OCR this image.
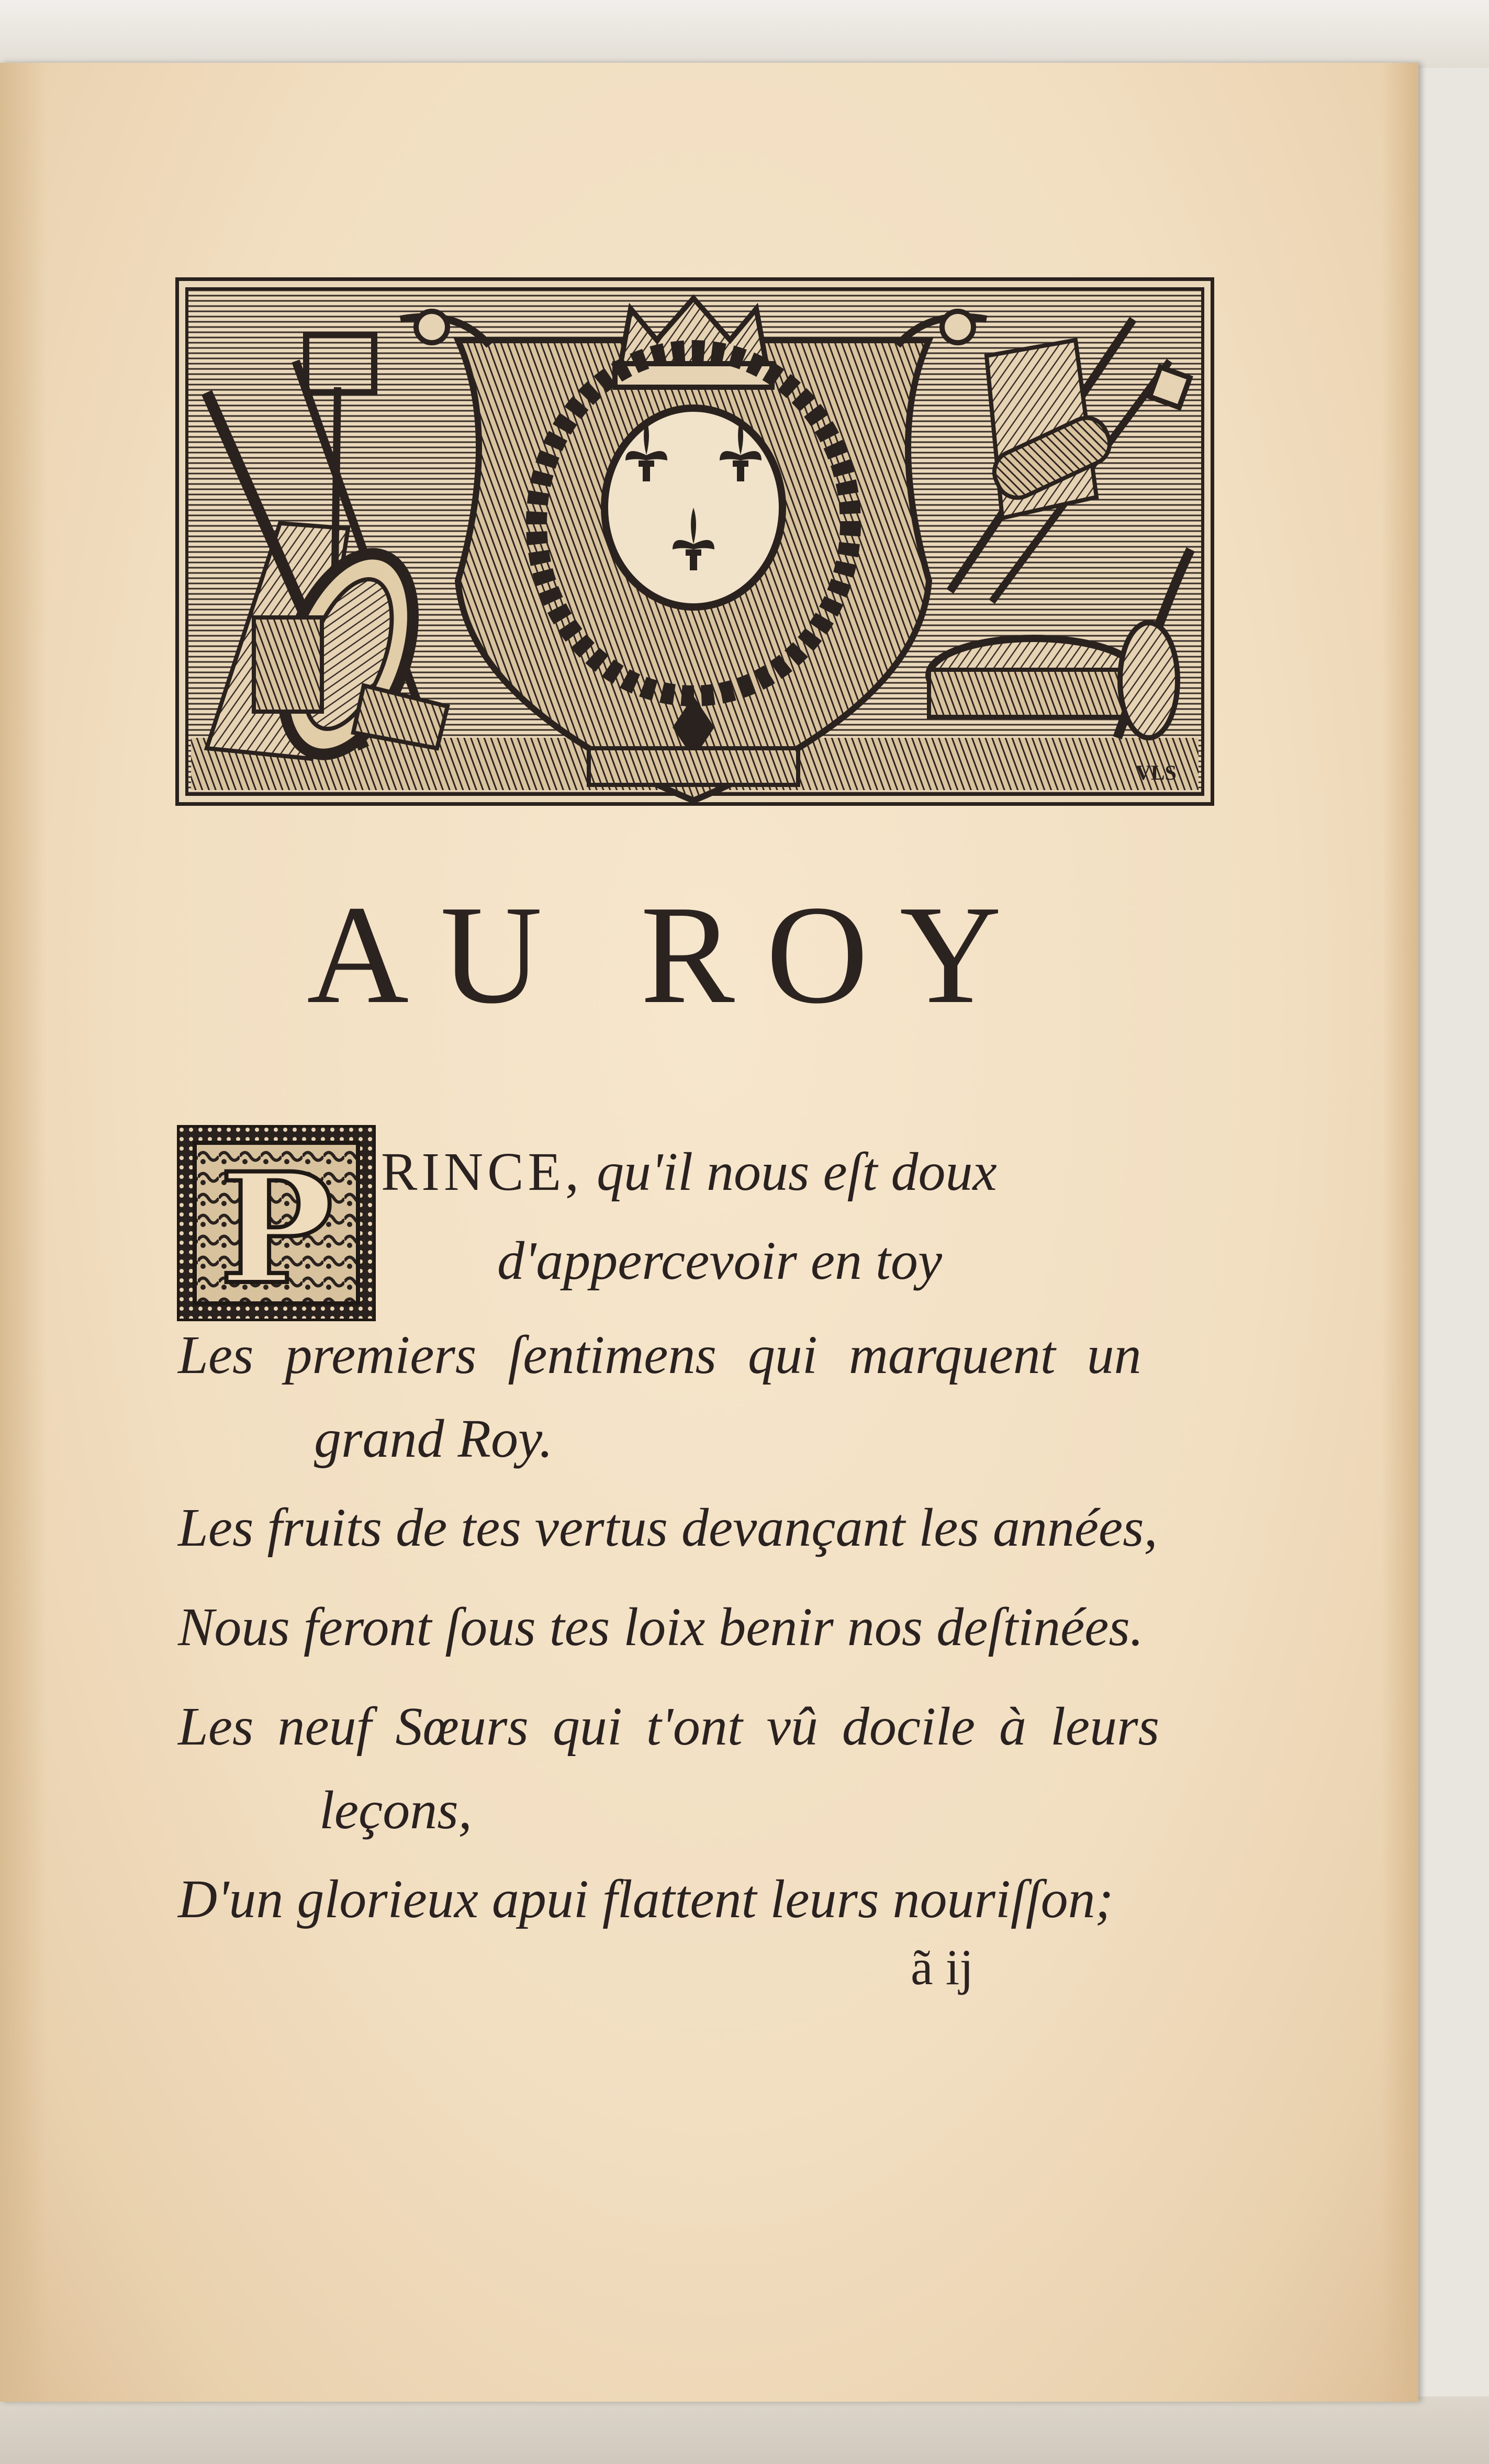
VLS
AU ROY
P RINCE, qu'il nous eſt doux
d'appercevoir en toy
Les premiers ſentimens qui marquent un
grand Roy.
Les fruits de tes vertus devançant les années,
Nous feront ſous tes loix benir nos deſtinées.
Les neuf Sœurs qui t'ont vû docile à leurs
leçons,
D'un glorieux apui flattent leurs nouriſſon;
ã ij
